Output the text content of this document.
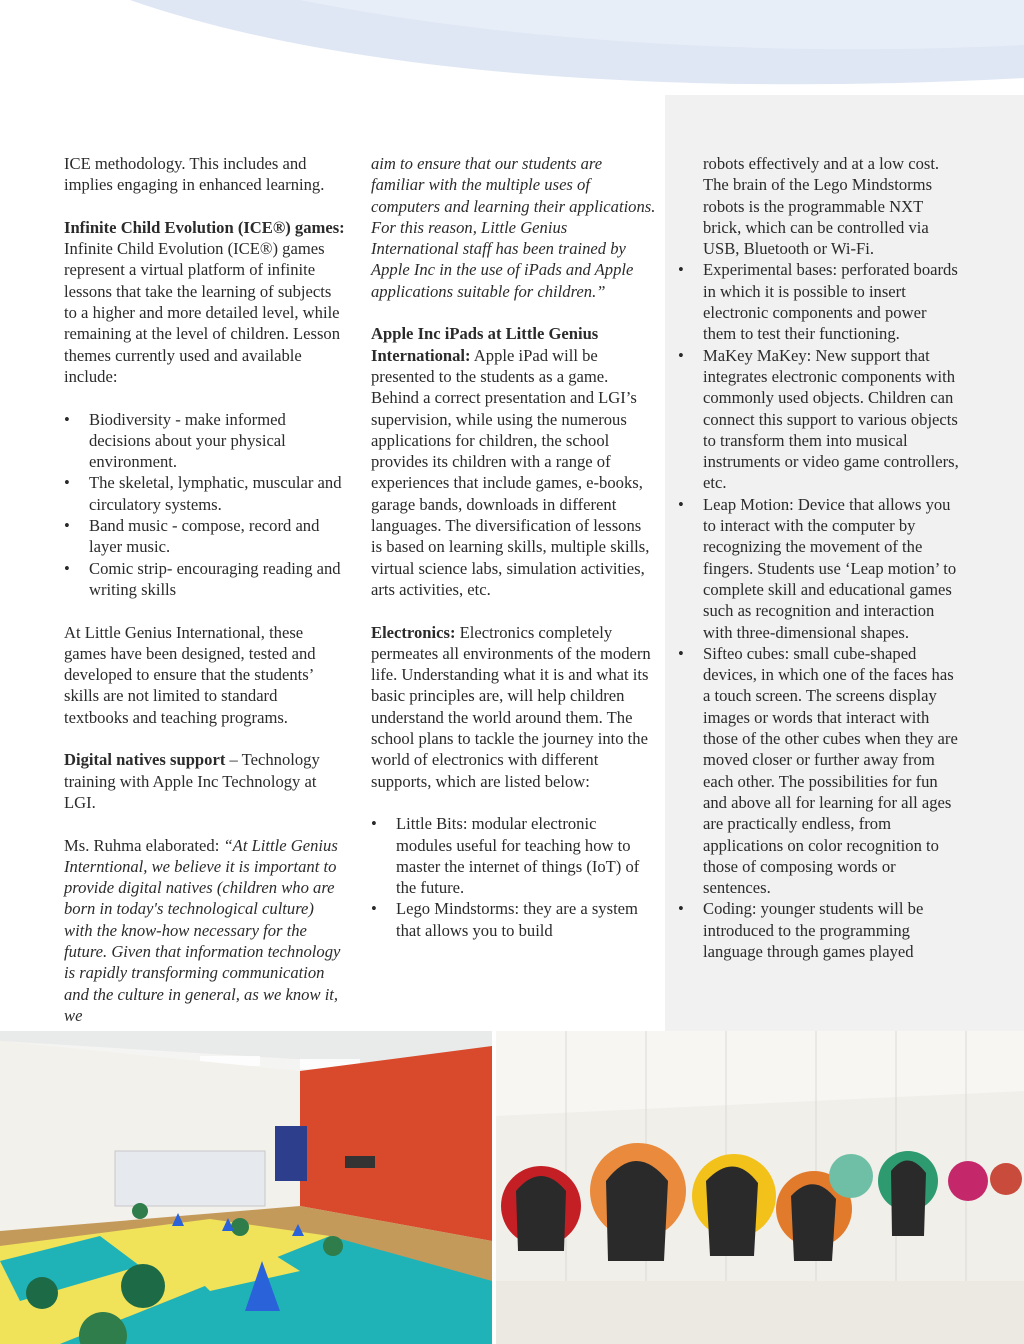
ICE methodology. This includes and implies engaging in enhanced learning.

Infinite Child Evolution (ICE®) games: Infinite Child Evolution (ICE®) games represent a virtual platform of infinite lessons that take the learning of subjects to a higher and more detailed level, while remaining at the level of children. Lesson themes currently used and available include:

• Biodiversity - make informed decisions about your physical environment.
• The skeletal, lymphatic, muscular and circulatory systems.
• Band music - compose, record and layer music.
• Comic strip- encouraging reading and writing skills

At Little Genius International, these games have been designed, tested and developed to ensure that the students’ skills are not limited to standard textbooks and teaching programs.

Digital natives support – Technology training with Apple Inc Technology at LGI.

Ms. Ruhma elaborated: “At Little Genius Interntional, we believe it is important to provide digital natives (children who are born in today's technological culture) with the know-how necessary for the future. Given that information technology is rapidly transforming communication and the culture in general, as we know it, we

aim to ensure that our students are familiar with the multiple uses of computers and learning their applications. For this reason, Little Genius International staff has been trained by Apple Inc in the use of iPads and Apple applications suitable for children.”

Apple Inc iPads at Little Genius International: Apple iPad will be presented to the students as a game. Behind a correct presentation and LGI’s supervision, while using the numerous applications for children, the school provides its children with a range of experiences that include games, e-books, garage bands, downloads in different languages. The diversification of lessons is based on learning skills, multiple skills, virtual science labs, simulation activities, arts activities, etc.

Electronics: Electronics completely permeates all environments of the modern life. Understanding what it is and what its basic principles are, will help children understand the world around them. The school plans to tackle the journey into the world of electronics with different supports, which are listed below:

• Little Bits: modular electronic modules useful for teaching how to master the internet of things (IoT) of the future.
• Lego Mindstorms: they are a system that allows you to build
robots effectively and at a low cost. The brain of the Lego Mindstorms robots is the programmable NXT brick, which can be controlled via USB, Bluetooth or Wi-Fi.
• Experimental bases: perforated boards in which it is possible to insert electronic components and power them to test their functioning.
• MaKey MaKey: New support that integrates electronic components with commonly used objects. Children can connect this support to various objects to transform them into musical instruments or video game controllers, etc.
• Leap Motion: Device that allows you to interact with the computer by recognizing the movement of the fingers. Students use ‘Leap motion’ to complete skill and educational games such as recognition and interaction with three-dimensional shapes.
• Sifteo cubes: small cube-shaped devices, in which one of the faces has a touch screen. The screens display images or words that interact with those of the other cubes when they are moved closer or further away from each other. The possibilities for fun and above all for learning for all ages are practically endless, from applications on color recognition to those of composing words or sentences.
• Coding: younger students will be introduced to the programming language through games played
